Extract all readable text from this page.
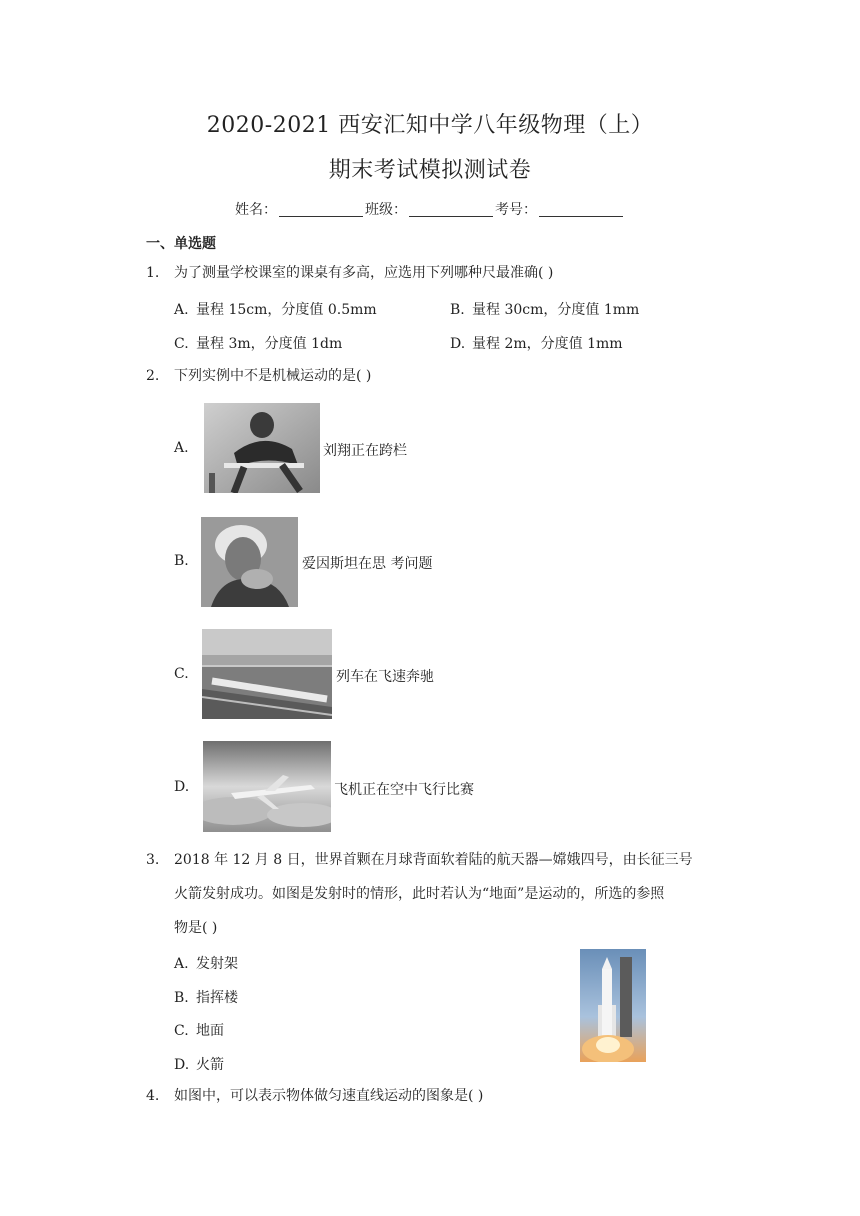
2020-2021 西安汇知中学八年级物理（上）
期末考试模拟测试卷
姓名：	班级：	考号：
一、单选题
1. 为了测量学校课室的课桌有多高，应选用下列哪种尺最准确( )
A. 量程 15cm，分度值 0.5mm	B. 量程 30cm，分度值 1mm
C. 量程 3m，分度值 1dm	D. 量程 2m，分度值 1mm
2. 下列实例中不是机械运动的是( )
A.	刘翔正在跨栏
B.	爱因斯坦在思 考问题
C.	列车在飞速奔驰
D.	飞机正在空中飞行比赛
3. 2018 年 12 月 8 日，世界首颗在月球背面软着陆的航天器—嫦娥四号，由长征三号
火箭发射成功。如图是发射时的情形，此时若认为“地面”是运动的，所选的参照
物是( )
A. 发射架
B. 指挥楼
C. 地面
D. 火箭
4. 如图中，可以表示物体做匀速直线运动的图象是( )
